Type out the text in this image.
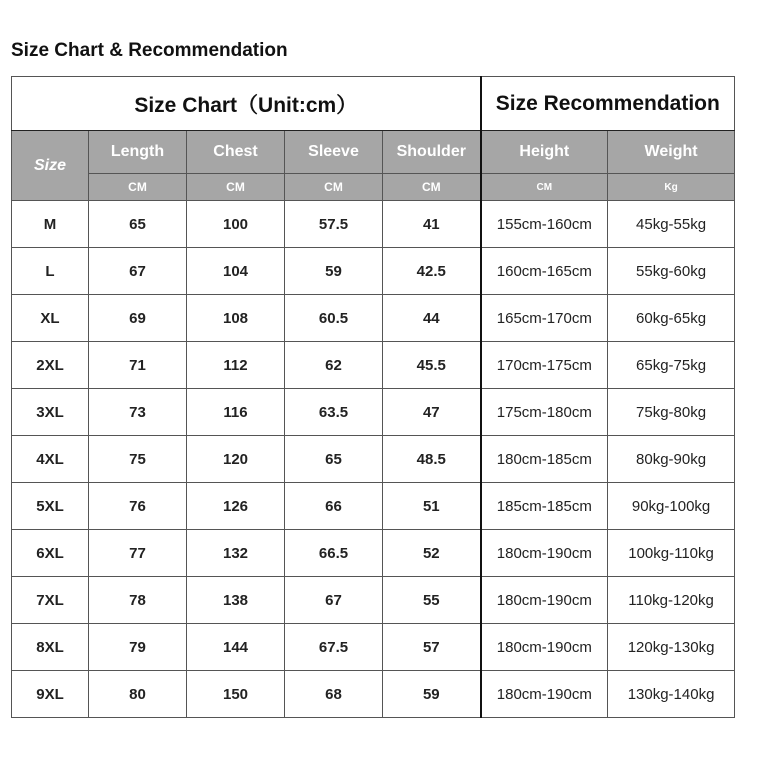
Size Chart & Recommendation
Size Chart（Unit:cm）					Size Recommendation	
Size	Length	Chest	Sleeve	Shoulder	Height	Weight
	CM	CM	CM	CM	CM	Kg
M	65	100	57.5	41	155cm-160cm	45kg-55kg
L	67	104	59	42.5	160cm-165cm	55kg-60kg
XL	69	108	60.5	44	165cm-170cm	60kg-65kg
2XL	71	112	62	45.5	170cm-175cm	65kg-75kg
3XL	73	116	63.5	47	175cm-180cm	75kg-80kg
4XL	75	120	65	48.5	180cm-185cm	80kg-90kg
5XL	76	126	66	51	185cm-185cm	90kg-100kg
6XL	77	132	66.5	52	180cm-190cm	100kg-110kg
7XL	78	138	67	55	180cm-190cm	110kg-120kg
8XL	79	144	67.5	57	180cm-190cm	120kg-130kg
9XL	80	150	68	59	180cm-190cm	130kg-140kg
